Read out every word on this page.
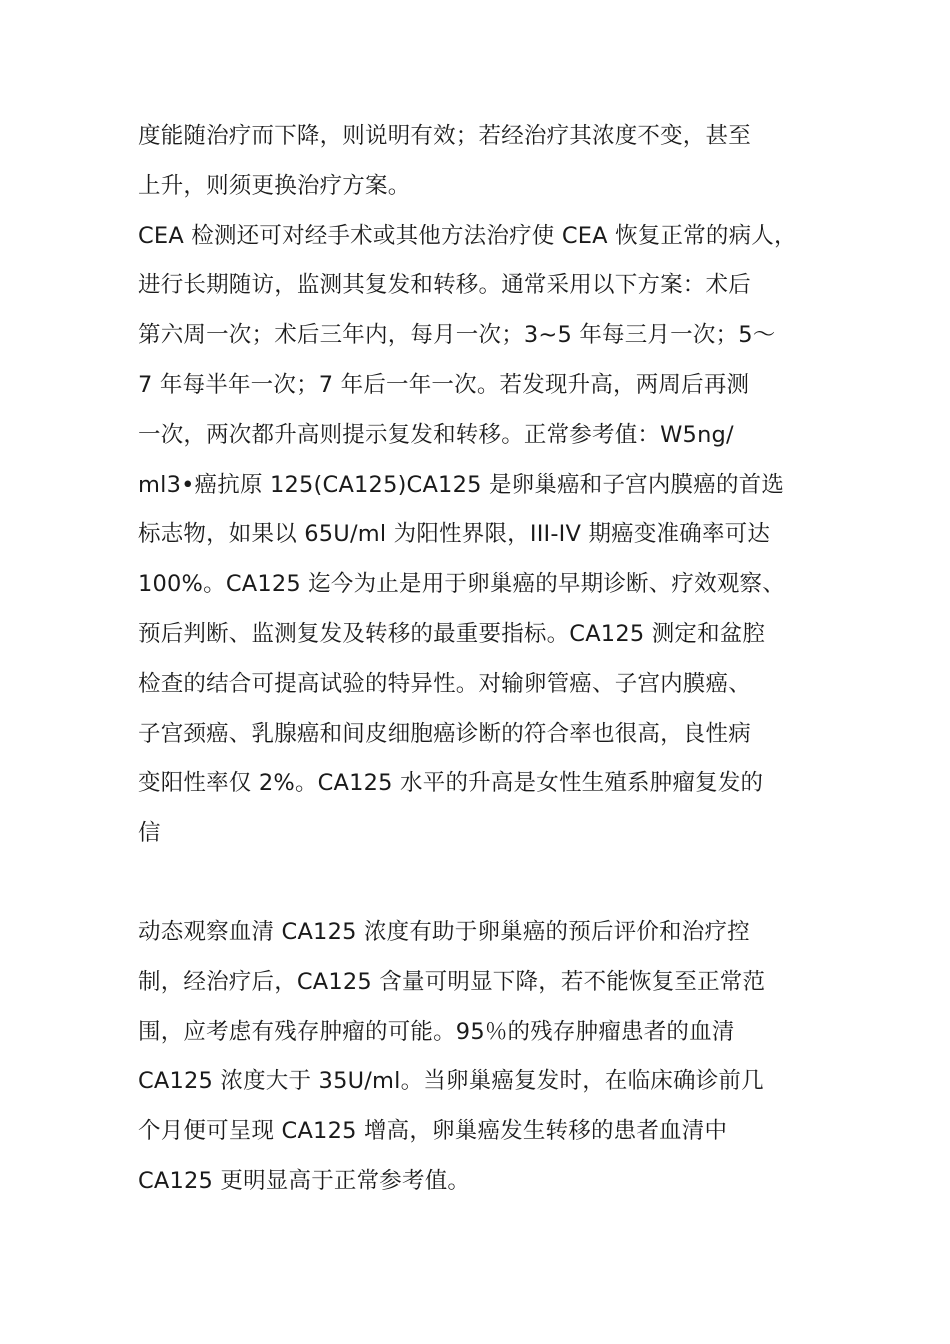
度能随治疗而下降，则说明有效；若经治疗其浓度不变，甚至
上升，则须更换治疗方案。
CEA 检测还可对经手术或其他方法治疗使 CEA 恢复正常的病人，
进行长期随访，监测其复发和转移。通常采用以下方案：术后
第六周一次；术后三年内，每月一次；3~5 年每三月一次；5〜
7 年每半年一次；7 年后一年一次。若发现升高，两周后再测
一次，两次都升高则提示复发和转移。正常参考值：W5ng/
ml3•癌抗原 125(CA125)CA125 是卵巢癌和子宫内膜癌的首选
标志物，如果以 65U/ml 为阳性界限，III-IV 期癌变准确率可达
100%。CA125 迄今为止是用于卵巢癌的早期诊断、疗效观察、
预后判断、监测复发及转移的最重要指标。CA125 测定和盆腔
检查的结合可提高试验的特异性。对输卵管癌、子宫内膜癌、
子宫颈癌、乳腺癌和间皮细胞癌诊断的符合率也很高，良性病
变阳性率仅 2%。CA125 水平的升高是女性生殖系肿瘤复发的
信
动态观察血清 CA125 浓度有助于卵巢癌的预后评价和治疗控
制，经治疗后，CA125 含量可明显下降，若不能恢复至正常范
围，应考虑有残存肿瘤的可能。95％的残存肿瘤患者的血清
CA125 浓度大于 35U/ml。当卵巢癌复发时，在临床确诊前几
个月便可呈现 CA125 增高，卵巢癌发生转移的患者血清中
CA125 更明显高于正常参考值。
